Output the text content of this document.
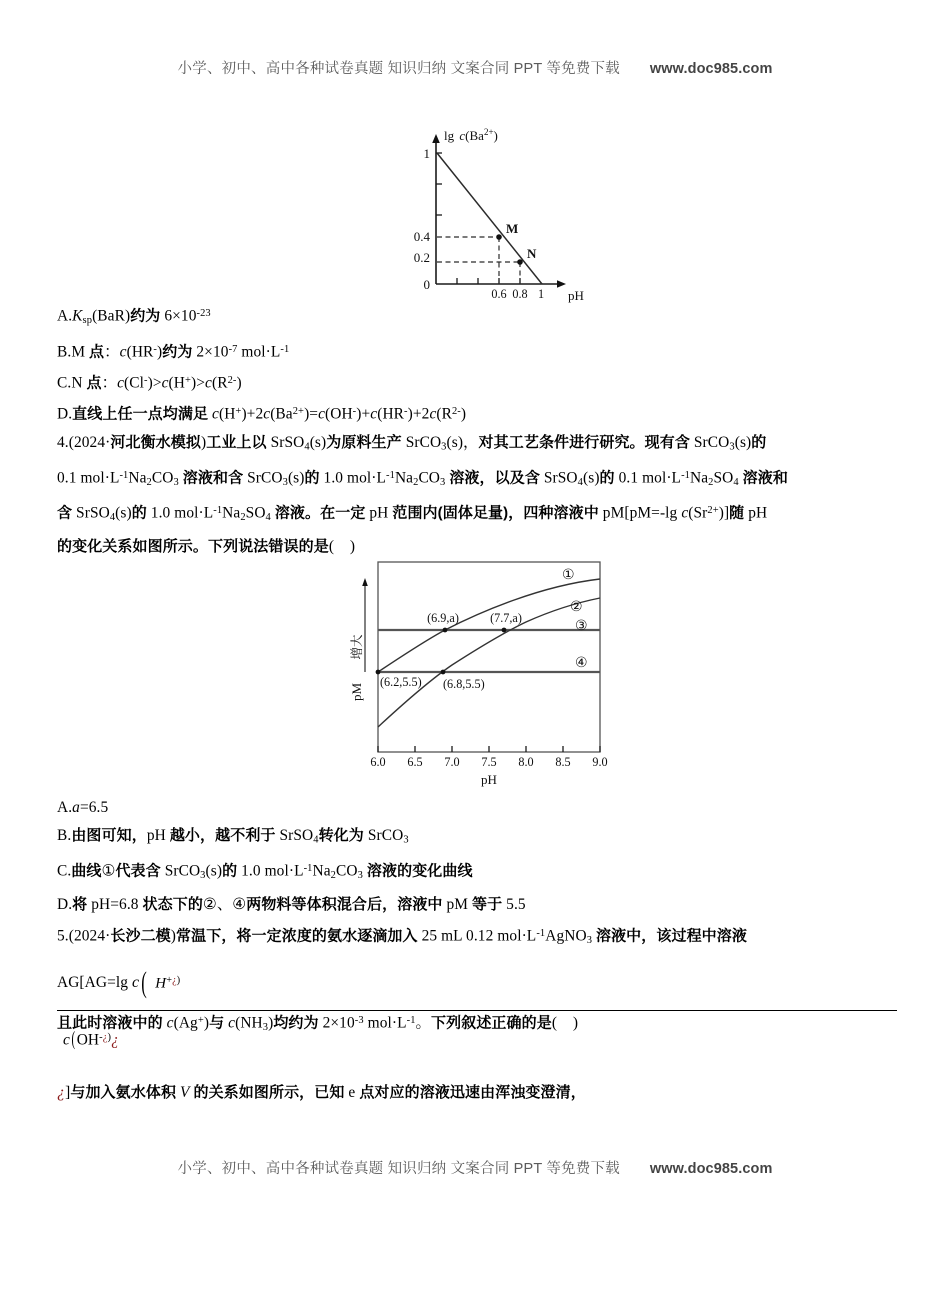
小学、初中、高中各种试卷真题 知识归纳 文案合同 PPT 等免费下载 www.doc985.com
$\lg c(Ba^{2+})$
1
0.4
0.2
0
0.6 0.8 1 pH
M
N
增大
pM
6.0 6.5 7.0 7.5 8.0 8.5 9.0
pH
①
②
③
④
(6.9,a)	(7.7,a)
(6.2,5.5) (6.8,5.5)
$A.K_{sp}(BaR)$约为 $6\times 10^{-23}$
B.M 点：c(HR-)约为 $2\times 10^{-7}$ $mol\cdot L^{-1}$
C.N 点：$c(Cl^-)>c(H^+)>c(R^{2-})$
D.直线上任一点均满足 $c(H^+)+2c(Ba^{2+})=c(OH^-)+c(HR^-)+2c(R^{2-})$
4.(2024·河北衡水模拟)工业上以 SrSO$_4$(s)为原料生产 SrCO$_3$(s)，对其工艺条件进行研究。现有含 SrCO$_3$(s)的
0.1 $mol\cdot L^{-1}Na_2CO_3$ 溶液和含 SrCO$_3$(s)的 1.0 $mol\cdot L^{-1}Na_2CO_3$ 溶液，以及含 SrSO$_4$(s)的 0.1 $mol\cdot L^{-1}Na_2SO_4$ 溶液和
含 SrSO$_4$(s)的 1.0 $mol\cdot L^{-1}Na_2SO_4$ 溶液。在一定 pH 范围内(固体足量)，四种溶液中 pM[pM=-lg $c(Sr^{2+})$]随 pH
的变化关系如图所示。下列说法错误的是(    )
A.a=6.5
B.由图可知，pH 越小，越不利于 SrSO$_4$转化为 SrCO$_3$
C.曲线①代表含 SrCO$_3$(s)的 1.0 $mol\cdot L^{-1}Na_2CO_3$ 溶液的变化曲线
D.将 pH=6.8 状态下的②、④两物料等体积混合后，溶液中 pM 等于 5.5
5.(2024·长沙二模)常温下，将一定浓度的氨水逐滴加入 25 mL 0.12 $mol\cdot L^{-1}AgNO_3$ 溶液中，该过程中溶液
AG[AG=lg c( H+¿)
c(OH-¿)¿
¿]与加入氨水体积 V 的关系如图所示，已知 e 点对应的溶液迅速由浑浊变澄清，
且此时溶液中的 c(Ag+)与 $c(NH_3)$均约为 $2\times 10^{-3}$ $mol\cdot L^{-1}$。下列叙述正确的是(    )
小学、初中、高中各种试卷真题 知识归纳 文案合同 PPT 等免费下载 www.doc985.com
